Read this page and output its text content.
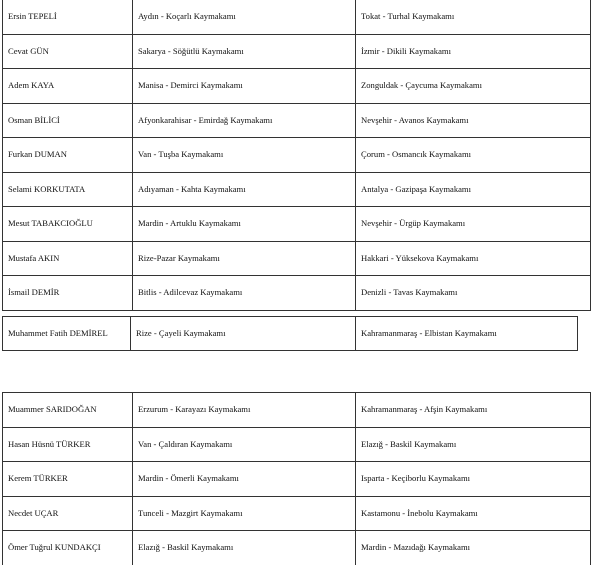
Ersin TEPELİ	Aydın - Koçarlı Kaymakamı	Tokat - Turhal Kaymakamı
Cevat GÜN	Sakarya - Söğütlü Kaymakamı	İzmir - Dikili Kaymakamı
Adem KAYA	Manisa - Demirci Kaymakamı	Zonguldak - Çaycuma Kaymakamı
Osman BİLİCİ	Afyonkarahisar - Emirdağ Kaymakamı	Nevşehir - Avanos Kaymakamı
Furkan DUMAN	Van - Tuşba Kaymakamı	Çorum - Osmancık Kaymakamı
Selami KORKUTATA	Adıyaman - Kahta Kaymakamı	Antalya - Gazipaşa Kaymakamı
Mesut TABAKCIOĞLU	Mardin - Artuklu Kaymakamı	Nevşehir - Ürgüp Kaymakamı
Mustafa AKIN	Rize-Pazar Kaymakamı	Hakkari - Yüksekova Kaymakamı
İsmail DEMİR	Bitlis - Adilcevaz Kaymakamı	Denizli - Tavas Kaymakamı
Muhammet Fatih DEMİREL	Rize - Çayeli Kaymakamı	Kahramanmaraş - Elbistan Kaymakamı
Muammer SARIDOĞAN	Erzurum - Karayazı Kaymakamı	Kahramanmaraş - Afşin Kaymakamı
Hasan Hüsnü TÜRKER	Van - Çaldıran Kaymakamı	Elazığ - Baskil Kaymakamı
Kerem TÜRKER	Mardin - Ömerli Kaymakamı	Isparta - Keçiborlu Kaymakamı
Necdet UÇAR	Tunceli - Mazgirt Kaymakamı	Kastamonu - İnebolu Kaymakamı
Ömer Tuğrul KUNDAKÇI	Elazığ - Baskil Kaymakamı	Mardin - Mazıdağı Kaymakamı
